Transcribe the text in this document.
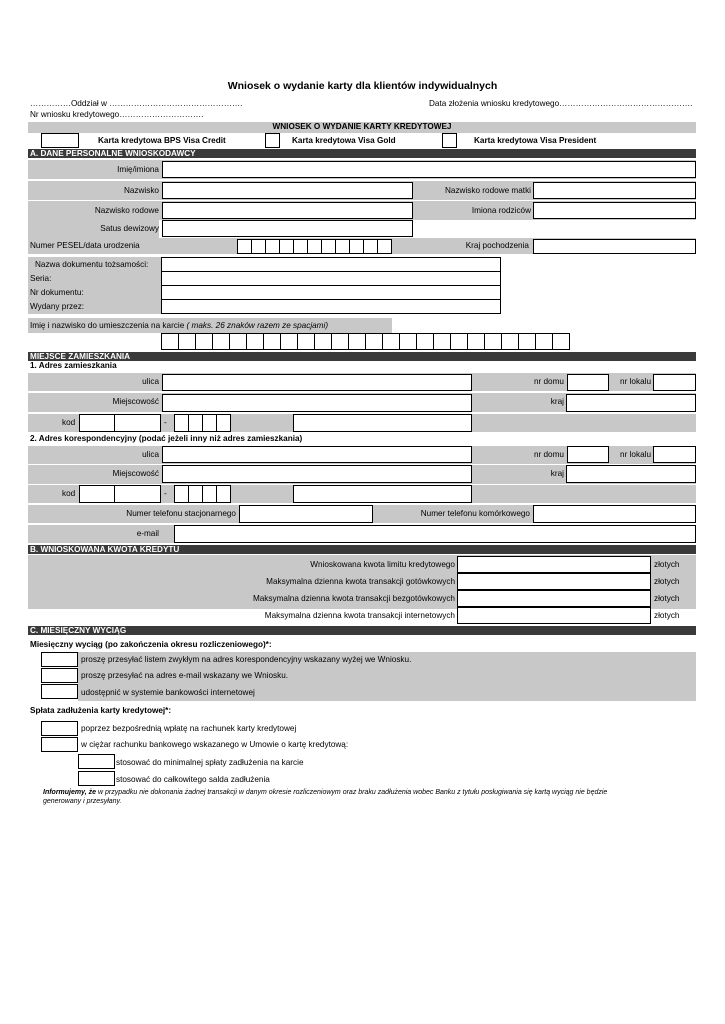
Wniosek o wydanie karty dla klientów indywidualnych
……………Oddział w ………………………………………….	Data złożenia wniosku kredytowego………………………………………….
Nr wniosku kredytowego………………………….
WNIOSEK O WYDANIE KARTY KREDYTOWEJ
Karta kredytowa BPS Visa Credit	Karta kredytowa Visa Gold	Karta kredytowa Visa President
A. DANE PERSONALNE WNIOSKODAWCY
Imię/imiona
Nazwisko	Nazwisko rodowe matki
Nazwisko rodowe	Imiona rodziców
Satus dewizowy
Numer PESEL/data urodzenia	Kraj pochodzenia
Nazwa dokumentu tożsamości:
Seria:
Nr dokumentu:
Wydany przez:
Imię i nazwisko do umieszczenia na karcie ( maks. 26 znaków razem ze spacjami)
MIEJSCE ZAMIESZKANIA
1. Adres zamieszkania
ulica	nr domu	nr lokalu
Miejscowość	kraj
kod	-
2. Adres korespondencyjny (podać jeżeli inny niż adres zamieszkania)
ulica	nr domu	nr lokalu
Miejscowość	kraj
kod	-
Numer telefonu stacjonarnego	Numer telefonu komórkowego
e-mail
B. WNIOSKOWANA KWOTA KREDYTU
Wnioskowana kwota limitu kredytowego	złotych
Maksymalna dzienna kwota transakcji gotówkowych	złotych
Maksymalna dzienna kwota transakcji bezgotówkowych	złotych
Maksymalna dzienna kwota transakcji internetowych	złotych
C. MIESIĘCZNY WYCIĄG
Miesięczny wyciąg (po zakończenia okresu rozliczeniowego)*:
proszę przesyłać listem zwykłym na adres korespondencyjny wskazany wyżej we Wniosku.
proszę przesyłać na adres e-mail wskazany we Wniosku.
udostępnić w systemie bankowości internetowej
Spłata zadłużenia karty kredytowej*:
poprzez bezpośrednią wpłatę na rachunek karty kredytowej
w ciężar rachunku bankowego wskazanego w Umowie o kartę kredytową:
stosować do minimalnej spłaty zadłużenia na karcie
stosować do całkowitego salda zadłużenia
Informujemy, że w przypadku nie dokonania żadnej transakcji w danym okresie rozliczeniowym oraz braku zadłużenia wobec Banku z tytułu posługiwania się kartą wyciąg nie będzie
generowany i przesyłany.
